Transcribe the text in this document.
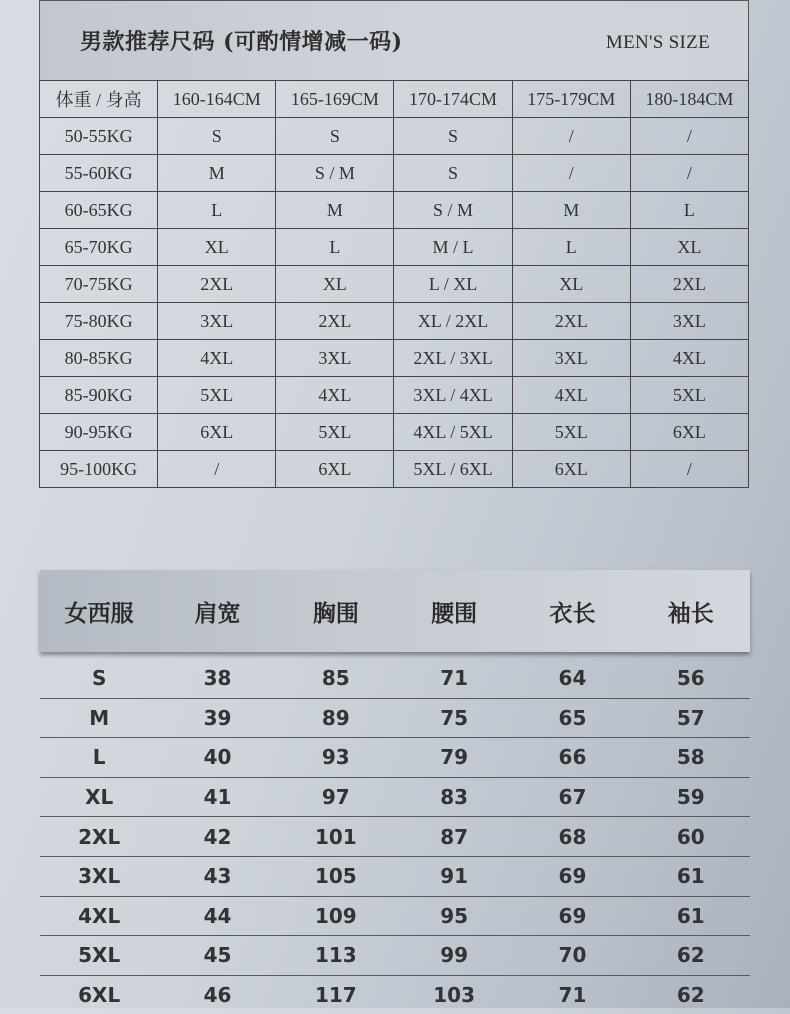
男款推荐尺码 (可酌情增减一码)	MEN'S SIZE
体重 / 身高	160-164CM	165-169CM	170-174CM	175-179CM	180-184CM
50-55KG	S	S	S	/	/
55-60KG	M	S / M	S	/	/
60-65KG	L	M	S / M	M	L
65-70KG	XL	L	M / L	L	XL
70-75KG	2XL	XL	L / XL	XL	2XL
75-80KG	3XL	2XL	XL / 2XL	2XL	3XL
80-85KG	4XL	3XL	2XL / 3XL	3XL	4XL
85-90KG	5XL	4XL	3XL / 4XL	4XL	5XL
90-95KG	6XL	5XL	4XL / 5XL	5XL	6XL
95-100KG	/	6XL	5XL / 6XL	6XL	/
女西服	肩宽	胸围	腰围	衣长	袖长
S	38	85	71	64	56
M	39	89	75	65	57
L	40	93	79	66	58
XL	41	97	83	67	59
2XL	42	101	87	68	60
3XL	43	105	91	69	61
4XL	44	109	95	69	61
5XL	45	113	99	70	62
6XL	46	117	103	71	62
